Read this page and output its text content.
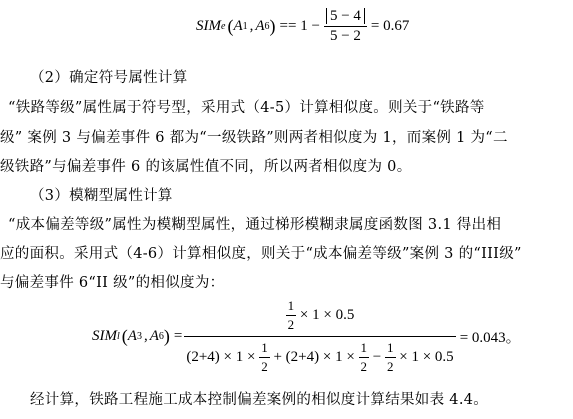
SIM e ( A 1 , A 6 ) == $1 - \frac{5 - 4}{5 - 2} = 0.67$
（2）确定符号属性计算
“铁路等级”属性属于符号型，采用式（4-5）计算相似度。则关于“铁路等
级” 案例 3 与偏差事件 6 都为“一级铁路”则两者相似度为 1，而案例 1 为“二
级铁路”与偏差事件 6 的该属性值不同，所以两者相似度为 0。
（3）模糊型属性计算
“成本偏差等级”属性为模糊型属性，通过梯形模糊隶属度函数图 3.1 得出相
应的面积。采用式（4-6）计算相似度，则关于“成本偏差等级”案例 3 的“III级”
与偏差事件 6“II 级”的相似度为：
SIM l ( A 3 , A 6 ) =
$\frac{1}{2} \times 1 \times 0.5$
$(2+4) \times 1 \times \frac{1}{2} + (2+4) \times 1 \times \frac{1}{2} - \frac{1}{2} \times 1 \times 0.5$
= 0.043。
经计算，铁路工程施工成本控制偏差案例的相似度计算结果如表 4.4。
